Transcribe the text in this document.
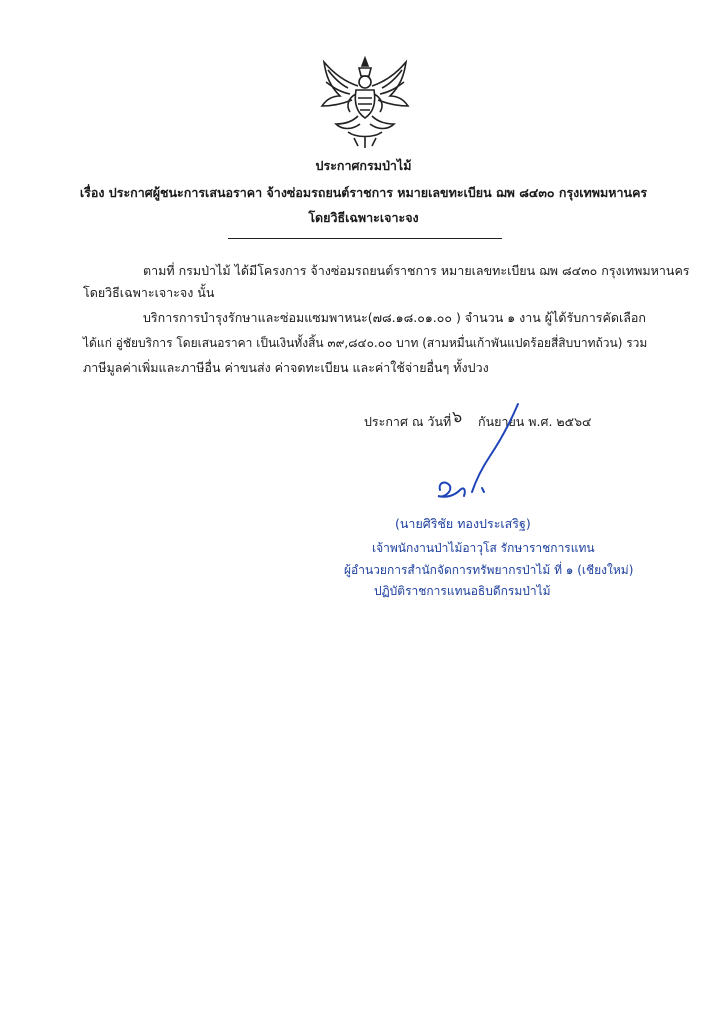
ประกาศกรมป่าไม้
เรื่อง ประกาศผู้ชนะการเสนอราคา จ้างซ่อมรถยนต์ราชการ หมายเลขทะเบียน ฌพ ๘๔๓๐ กรุงเทพมหานคร
โดยวิธีเฉพาะเจาะจง
ตามที่ กรมป่าไม้ ได้มีโครงการ จ้างซ่อมรถยนต์ราชการ หมายเลขทะเบียน ฌพ ๘๔๓๐ กรุงเทพมหานคร
โดยวิธีเฉพาะเจาะจง นั้น
บริการการบำรุงรักษาและซ่อมแซมพาหนะ(๗๘.๑๘.๐๑.๐๐ ) จำนวน ๑ งาน ผู้ได้รับการคัดเลือก
ได้แก่ อู่ชัยบริการ โดยเสนอราคา เป็นเงินทั้งสิ้น ๓๙,๘๔๐.๐๐ บาท (สามหมื่นเก้าพันแปดร้อยสี่สิบบาทถ้วน) รวม
ภาษีมูลค่าเพิ่มและภาษีอื่น ค่าขนส่ง ค่าจดทะเบียน และค่าใช้จ่ายอื่นๆ ทั้งปวง
ประกาศ ณ วันที่ ๖ กันยายน พ.ศ. ๒๕๖๔
(นายศิริชัย ทองประเสริฐ)
เจ้าพนักงานป่าไม้อาวุโส รักษาราชการแทน
ผู้อำนวยการสำนักจัดการทรัพยากรป่าไม้ ที่ ๑ (เชียงใหม่)
ปฏิบัติราชการแทนอธิบดีกรมป่าไม้
